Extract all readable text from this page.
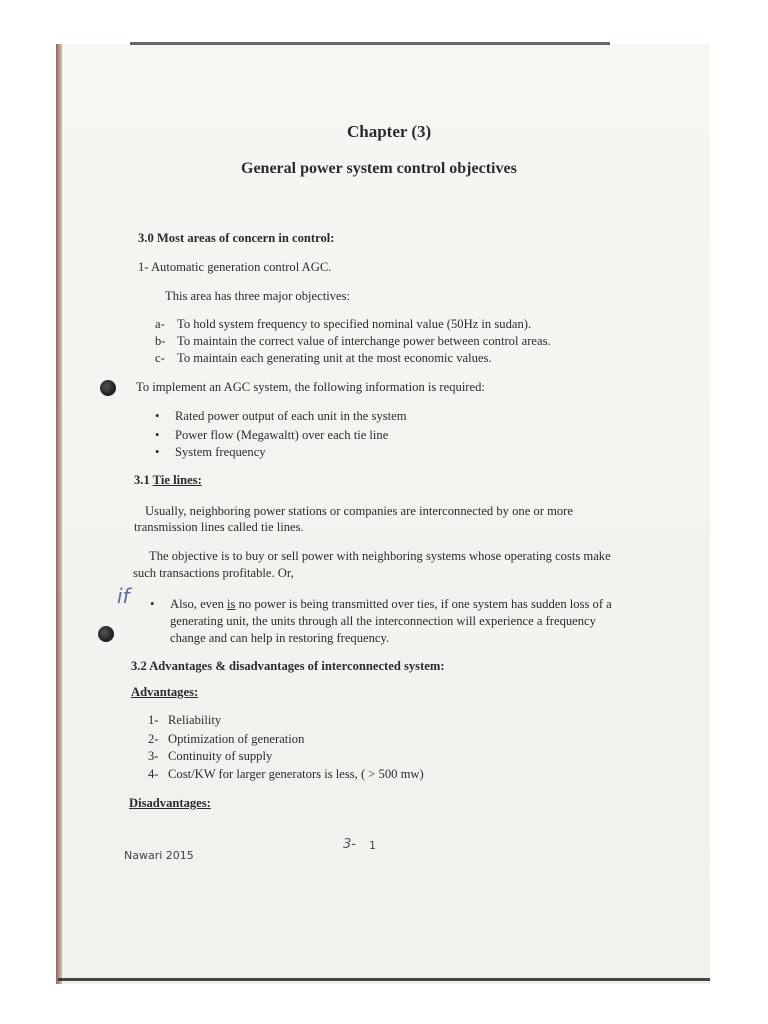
Chapter (3)
General power system control objectives
3.0 Most areas of concern in control:
1- Automatic generation control AGC.
This area has three major objectives:
a- To hold system frequency to specified nominal value (50Hz in sudan).
b- To maintain the correct value of interchange power between control areas.
c- To maintain each generating unit at the most economic values.
To implement an AGC system, the following information is required:
• Rated power output of each unit in the system
• Power flow (Megawaltt) over each tie line
• System frequency
3.1 Tie lines:
Usually, neighboring power stations or companies are interconnected by one or more
transmission lines called tie lines.
The objective is to buy or sell power with neighboring systems whose operating costs make
such transactions profitable. Or,
if • Also, even is no power is being transmitted over ties, if one system has sudden loss of a
generating unit, the units through all the interconnection will experience a frequency
change and can help in restoring frequency.
3.2 Advantages & disadvantages of interconnected system:
Advantages:
1- Reliability
2- Optimization of generation
3- Continuity of supply
4- Cost/KW for larger generators is less, ( > 500 mw)
Disadvantages:
Nawari 2015
3- 1
